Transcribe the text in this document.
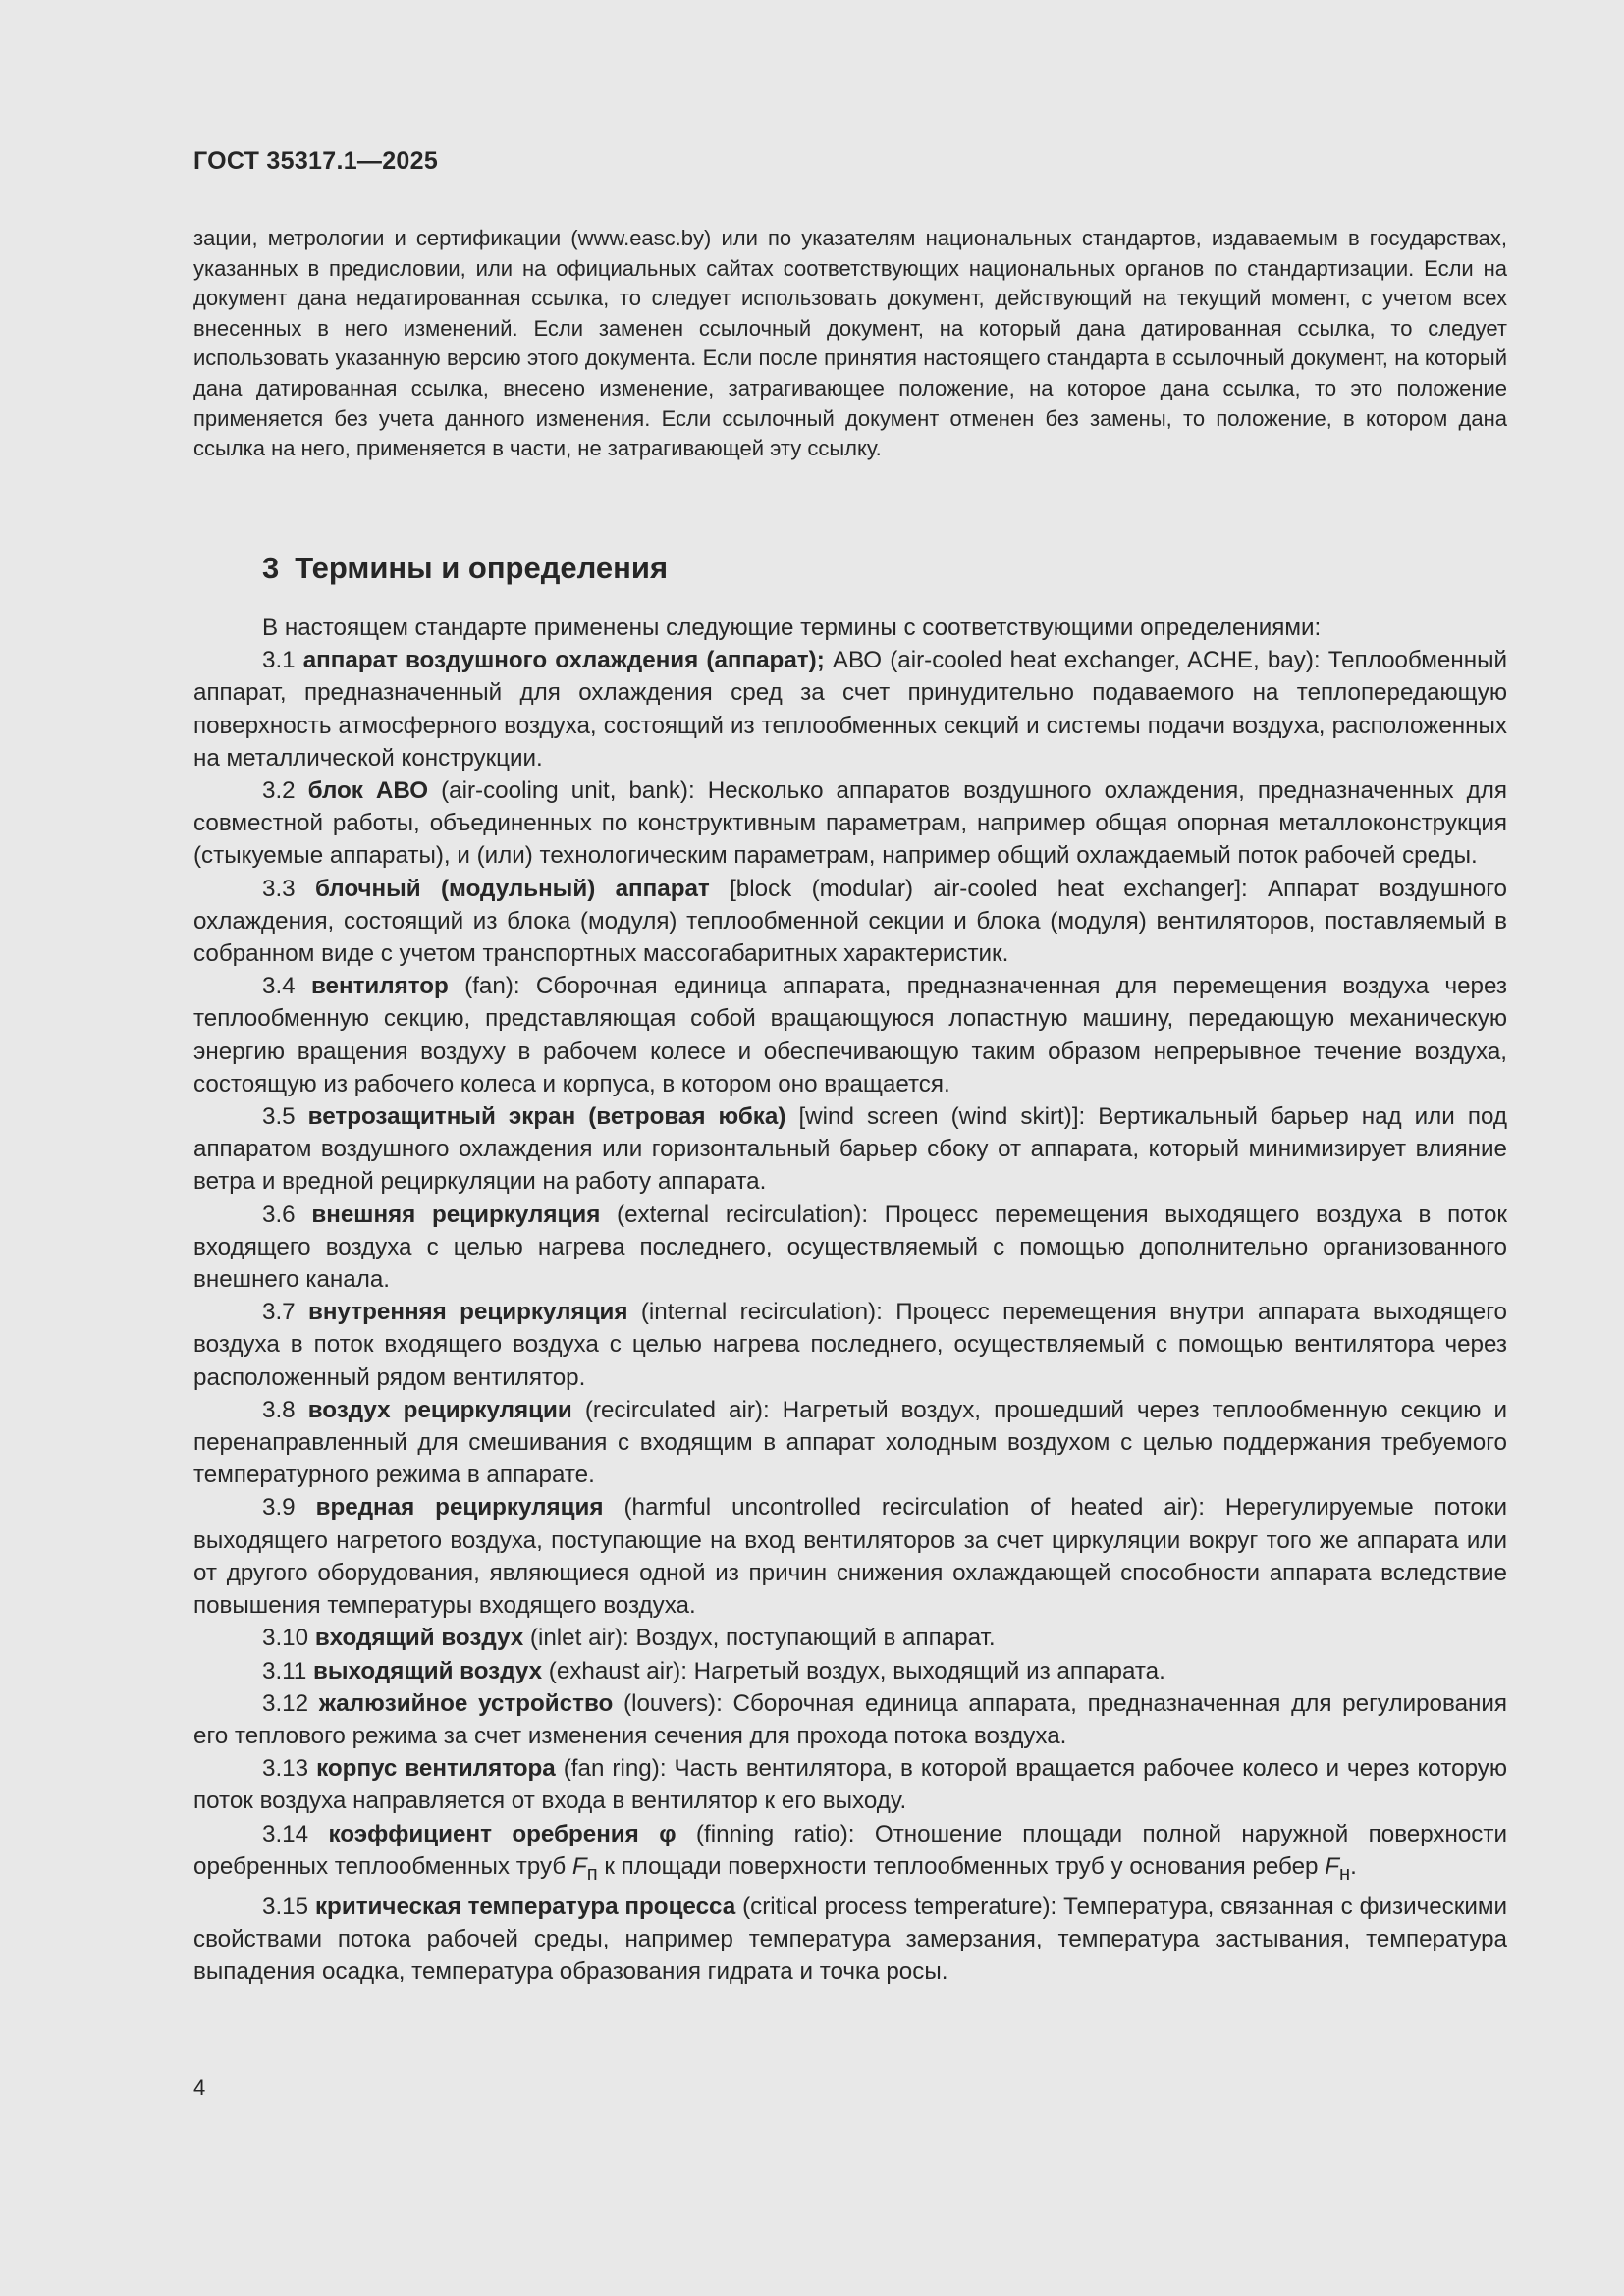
ГОСТ 35317.1—2025

зации, метрологии и сертификации (www.easc.by) или по указателям национальных стандартов, издаваемым в государствах, указанных в предисловии, или на официальных сайтах соответствующих национальных органов по стандартизации. Если на документ дана недатированная ссылка, то следует использовать документ, действующий на текущий момент, с учетом всех внесенных в него изменений. Если заменен ссылочный документ, на который дана датированная ссылка, то следует использовать указанную версию этого документа. Если после принятия настоящего стандарта в ссылочный документ, на который дана датированная ссылка, внесено изменение, затрагивающее положение, на которое дана ссылка, то это положение применяется без учета данного изменения. Если ссылочный документ отменен без замены, то положение, в котором дана ссылка на него, применяется в части, не затрагивающей эту ссылку.

3 Термины и определения

В настоящем стандарте применены следующие термины с соответствующими определениями:

3.1 аппарат воздушного охлаждения (аппарат); АВО (air-cooled heat exchanger, ACHE, bay): Теплообменный аппарат, предназначенный для охлаждения сред за счет принудительно подаваемого на теплопередающую поверхность атмосферного воздуха, состоящий из теплообменных секций и системы подачи воздуха, расположенных на металлической конструкции.

3.2 блок АВО (air-cooling unit, bank): Несколько аппаратов воздушного охлаждения, предназначенных для совместной работы, объединенных по конструктивным параметрам, например общая опорная металлоконструкция (стыкуемые аппараты), и (или) технологическим параметрам, например общий охлаждаемый поток рабочей среды.

3.3 блочный (модульный) аппарат [block (modular) air-cooled heat exchanger]: Аппарат воздушного охлаждения, состоящий из блока (модуля) теплообменной секции и блока (модуля) вентиляторов, поставляемый в собранном виде с учетом транспортных массогабаритных характеристик.

3.4 вентилятор (fan): Сборочная единица аппарата, предназначенная для перемещения воздуха через теплообменную секцию, представляющая собой вращающуюся лопастную машину, передающую механическую энергию вращения воздуху в рабочем колесе и обеспечивающую таким образом непрерывное течение воздуха, состоящую из рабочего колеса и корпуса, в котором оно вращается.

3.5 ветрозащитный экран (ветровая юбка) [wind screen (wind skirt)]: Вертикальный барьер над или под аппаратом воздушного охлаждения или горизонтальный барьер сбоку от аппарата, который минимизирует влияние ветра и вредной рециркуляции на работу аппарата.

3.6 внешняя рециркуляция (external recirculation): Процесс перемещения выходящего воздуха в поток входящего воздуха с целью нагрева последнего, осуществляемый с помощью дополнительно организованного внешнего канала.

3.7 внутренняя рециркуляция (internal recirculation): Процесс перемещения внутри аппарата выходящего воздуха в поток входящего воздуха с целью нагрева последнего, осуществляемый с помощью вентилятора через расположенный рядом вентилятор.

3.8 воздух рециркуляции (recirculated air): Нагретый воздух, прошедший через теплообменную секцию и перенаправленный для смешивания с входящим в аппарат холодным воздухом с целью поддержания требуемого температурного режима в аппарате.

3.9 вредная рециркуляция (harmful uncontrolled recirculation of heated air): Нерегулируемые потоки выходящего нагретого воздуха, поступающие на вход вентиляторов за счет циркуляции вокруг того же аппарата или от другого оборудования, являющиеся одной из причин снижения охлаждающей способности аппарата вследствие повышения температуры входящего воздуха.

3.10 входящий воздух (inlet air): Воздух, поступающий в аппарат.

3.11 выходящий воздух (exhaust air): Нагретый воздух, выходящий из аппарата.

3.12 жалюзийное устройство (louvers): Сборочная единица аппарата, предназначенная для регулирования его теплового режима за счет изменения сечения для прохода потока воздуха.

3.13 корпус вентилятора (fan ring): Часть вентилятора, в которой вращается рабочее колесо и через которую поток воздуха направляется от входа в вентилятор к его выходу.

3.14 коэффициент оребрения φ (finning ratio): Отношение площади полной наружной поверхности оребренных теплообменных труб $F_п$ к площади поверхности теплообменных труб у основания ребер $F_н$.

3.15 критическая температура процесса (critical process temperature): Температура, связанная с физическими свойствами потока рабочей среды, например температура замерзания, температура застывания, температура выпадения осадка, температура образования гидрата и точка росы.

4
